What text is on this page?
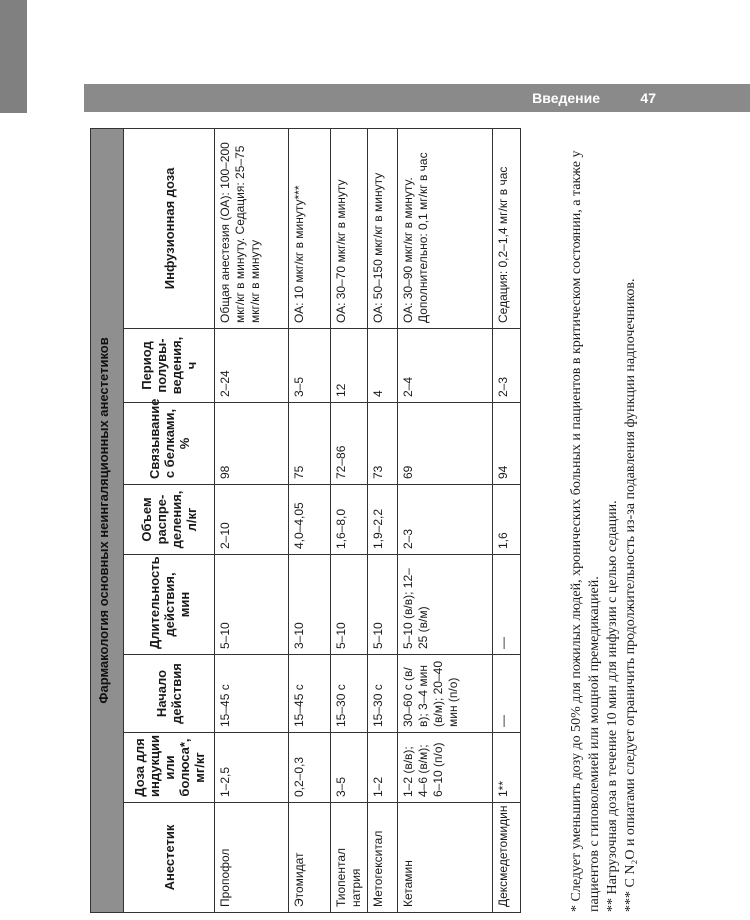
Введение	47
Фармакология основных неингаляционных анестетиков							
Анестетик	Доза для индукции или болюса*, мг/кг	Начало действия	Длительность действия, мин	Объем распре-деления, л/кг	Связывание с белками, %	Период полувы-ведения, ч	Инфузионная доза
Пропофол	1–2,5	15–45 с	5–10	2–10	98	2–24	Общая анестезия (ОА): 100–200 мкг/кг в минуту. Седация: 25–75 мкг/кг в минуту
Этомидат	0,2–0,3	15–45 с	3–10	4,0–4,05	75	3–5	ОА: 10 мкг/кг в минуту***
Тиопентал натрия	3–5	15–30 с	5–10	1,6–8,0	72–86	12	ОА: 30–70 мкг/кг в минуту
Метогекситал	1–2	15–30 с	5–10	1,9–2,2	73	4	ОА: 50–150 мкг/кг в минуту
Кетамин	1–2 (в/в); 4–6 (в/м); 6–10 (п/о)	30–60 с (в/в); 3–4 мин (в/м); 20–40 мин (п/о)	5–10 (в/в); 12–25 (в/м)	2–3	69	2–4	ОА: 30–90 мкг/кг в минуту. Дополнительно: 0,1 мг/кг в час
Дексмедетомидин	1**	—	—	1,6	94	2–3	Седация: 0,2–1,4 мг/кг в час	* Следует уменьшить дозу до 50% для пожилых людей, хронических больных и пациентов в критическом состоянии, а также у пациентов с гиповолемией или мощной премедикацией. ** Нагрузочная доза в течение 10 мин для инфузии с целью седации. *** С N₂O и опиатами следует ограничить продолжительность из-за подавления функции надпочечников.
